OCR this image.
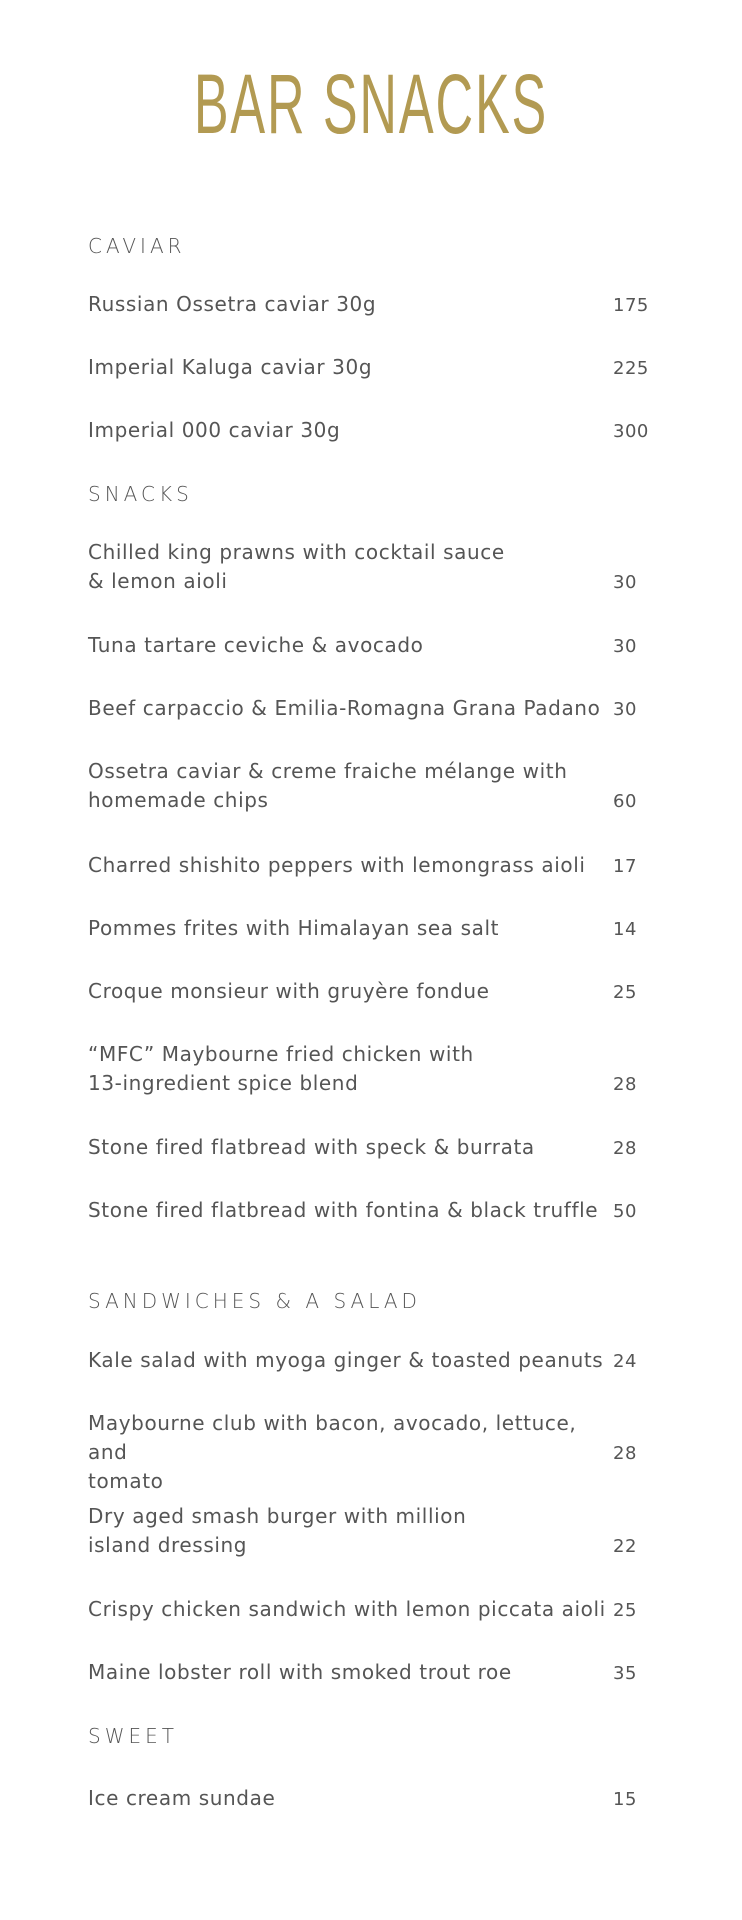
BAR SNACKS
CAVIAR
Russian Ossetra caviar 30g	175
Imperial Kaluga caviar 30g	225
Imperial 000 caviar 30g	300
SNACKS
Chilled king prawns with cocktail sauce
& lemon aioli	30
Tuna tartare ceviche & avocado	30
Beef carpaccio & Emilia-Romagna Grana Padano 30
Ossetra caviar & creme fraiche mélange with
homemade chips	60
Charred shishito peppers with lemongrass aioli	17
Pommes frites with Himalayan sea salt	14
Croque monsieur with gruyère fondue	25
“MFC” Maybourne fried chicken with
13-ingredient spice blend	28
Stone fired flatbread with speck & burrata	28
Stone fired flatbread with fontina & black truffle 50
SANDWICHES & A SALAD
Kale salad with myoga ginger & toasted peanuts 24
Maybourne club with bacon, avocado, lettuce, and
tomato
28
Dry aged smash burger with million
island dressing	22
Crispy chicken sandwich with lemon piccata aioli 25
Maine lobster roll with smoked trout roe	35
SWEET
Ice cream sundae	15
